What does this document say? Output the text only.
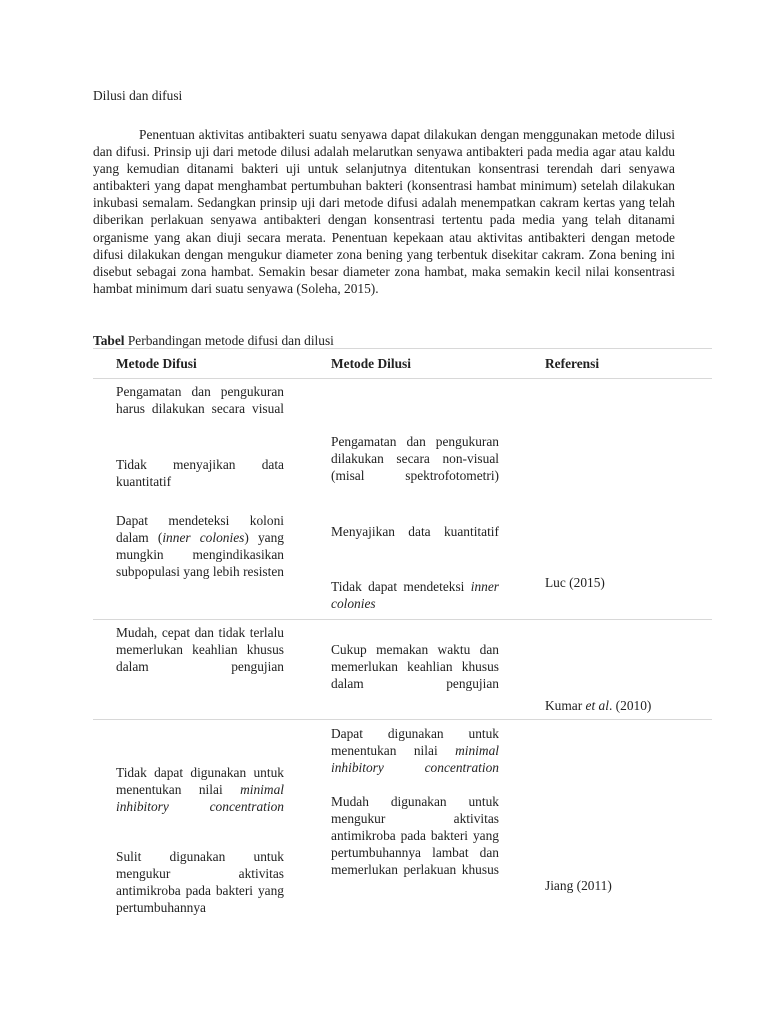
Dilusi dan difusi

Penentuan aktivitas antibakteri suatu senyawa dapat dilakukan dengan menggunakan metode dilusi dan difusi. Prinsip uji dari metode dilusi adalah melarutkan senyawa antibakteri pada media agar atau kaldu yang kemudian ditanami bakteri uji untuk selanjutnya ditentukan konsentrasi terendah dari senyawa antibakteri yang dapat menghambat pertumbuhan bakteri (konsentrasi hambat minimum) setelah dilakukan inkubasi semalam. Sedangkan prinsip uji dari metode difusi adalah menempatkan cakram kertas yang telah diberikan perlakuan senyawa antibakteri dengan konsentrasi tertentu pada media yang telah ditanami organisme yang akan diuji secara merata. Penentuan kepekaan atau aktivitas antibakteri dengan metode difusi dilakukan dengan mengukur diameter zona bening yang terbentuk disekitar cakram. Zona bening ini disebut sebagai zona hambat. Semakin besar diameter zona hambat, maka semakin kecil nilai konsentrasi hambat minimum dari suatu senyawa (Soleha, 2015).

Tabel Perbandingan metode difusi dan dilusi
Metode Difusi	Metode Dilusi	Referensi

Pengamatan dan pengukuran harus dilakukan secara visual

Tidak menyajikan data kuantitatif

Dapat mendeteksi koloni dalam (inner colonies) yang mungkin mengindikasikan subpopulasi yang lebih resisten

Pengamatan dan pengukuran dilakukan secara non-visual (misal spektrofotometri)

Menyajikan data kuantitatif

Tidak dapat mendeteksi inner colonies

Luc (2015)

Mudah, cepat dan tidak terlalu memerlukan keahlian khusus dalam pengujian

Cukup memakan waktu dan memerlukan keahlian khusus dalam pengujian

Kumar et al. (2010)

Tidak dapat digunakan untuk menentukan nilai minimal inhibitory concentration

Sulit digunakan untuk mengukur aktivitas antimikroba pada bakteri yang pertumbuhannya

Dapat digunakan untuk menentukan nilai minimal inhibitory concentration

Mudah digunakan untuk mengukur aktivitas antimikroba pada bakteri yang pertumbuhannya lambat dan memerlukan perlakuan khusus

Jiang (2011)
